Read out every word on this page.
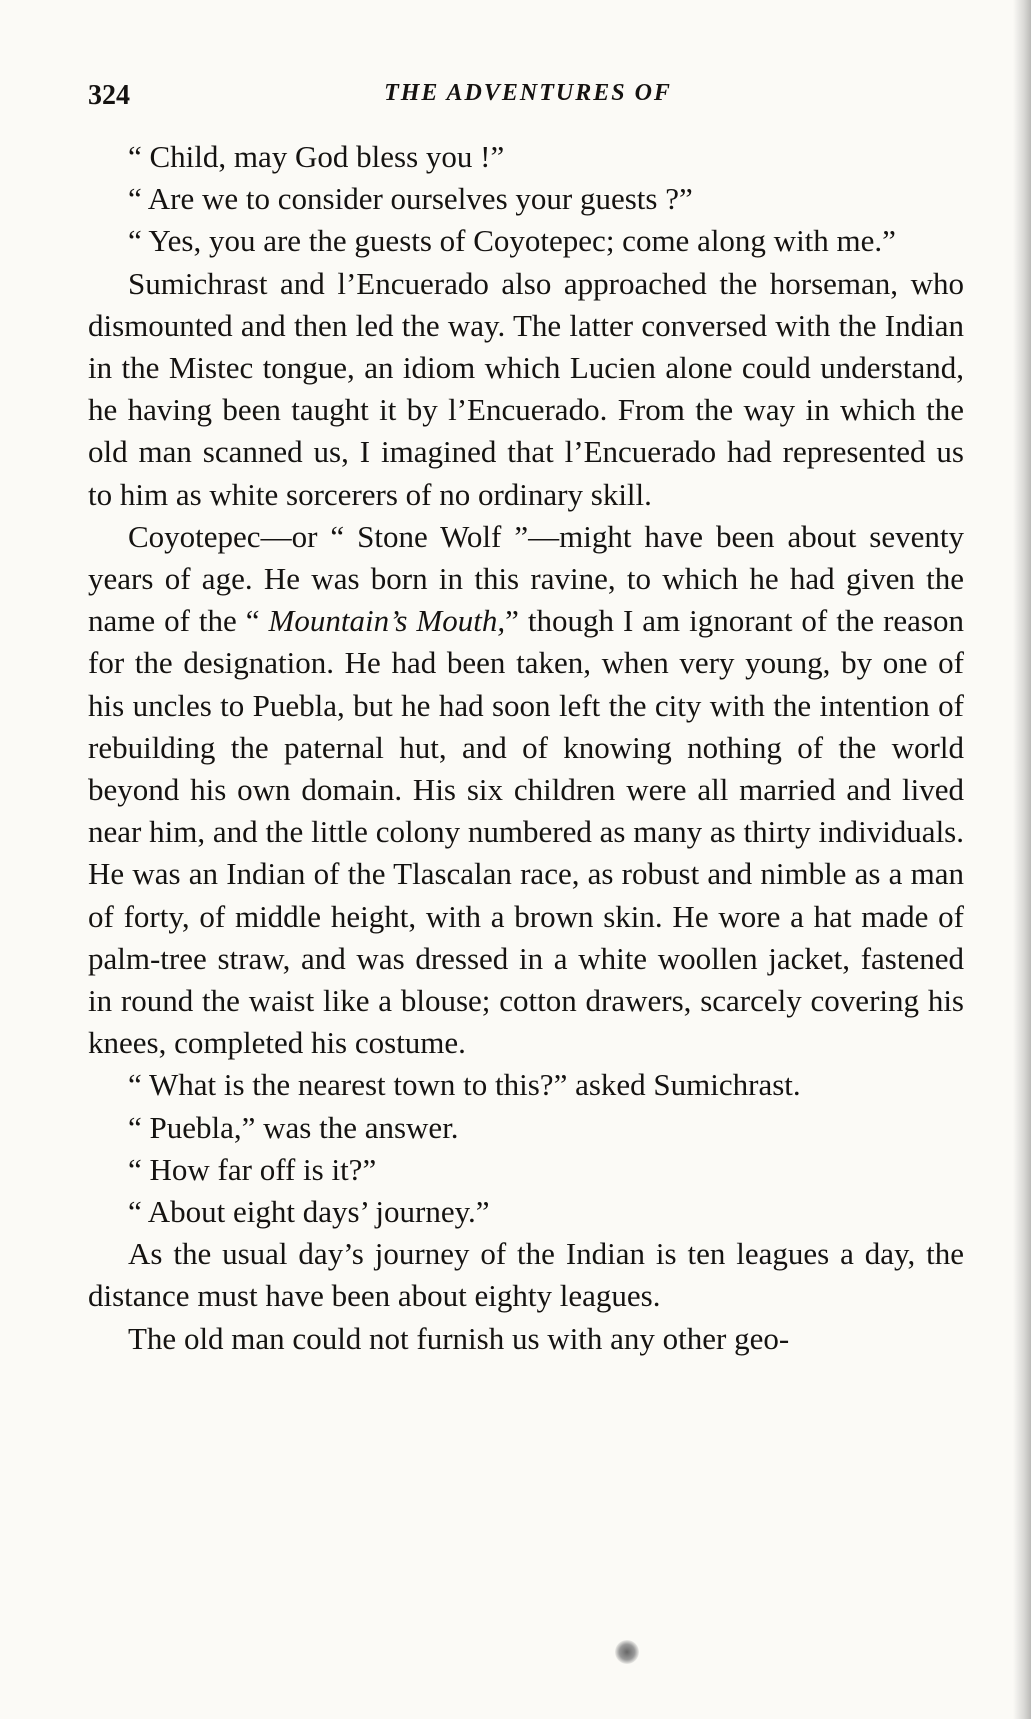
324	THE ADVENTURES OF

“ Child, may God bless you !”

“ Are we to consider ourselves your guests ?”

“ Yes, you are the guests of Coyotepec; come along with me.”

Sumichrast and l’Encuerado also approached the horseman, who dismounted and then led the way. The latter conversed with the Indian in the Mistec tongue, an idiom which Lucien alone could understand, he having been taught it by l’Encuerado. From the way in which the old man scanned us, I imagined that l’Encuerado had represented us to him as white sorcerers of no ordinary skill.

Coyotepec—or “ Stone Wolf ”—might have been about seventy years of age. He was born in this ravine, to which he had given the name of the “ Mountain’s Mouth,” though I am ignorant of the reason for the designation. He had been taken, when very young, by one of his uncles to Puebla, but he had soon left the city with the intention of rebuilding the paternal hut, and of knowing nothing of the world beyond his own domain. His six children were all married and lived near him, and the little colony numbered as many as thirty individuals. He was an Indian of the Tlascalan race, as robust and nimble as a man of forty, of middle height, with a brown skin. He wore a hat made of palm-tree straw, and was dressed in a white woollen jacket, fastened in round the waist like a blouse; cotton drawers, scarcely covering his knees, completed his costume.

“ What is the nearest town to this?” asked Sumichrast.

“ Puebla,” was the answer.

“ How far off is it?”

“ About eight days’ journey.”

As the usual day’s journey of the Indian is ten leagues a day, the distance must have been about eighty leagues.

The old man could not furnish us with any other geo-
